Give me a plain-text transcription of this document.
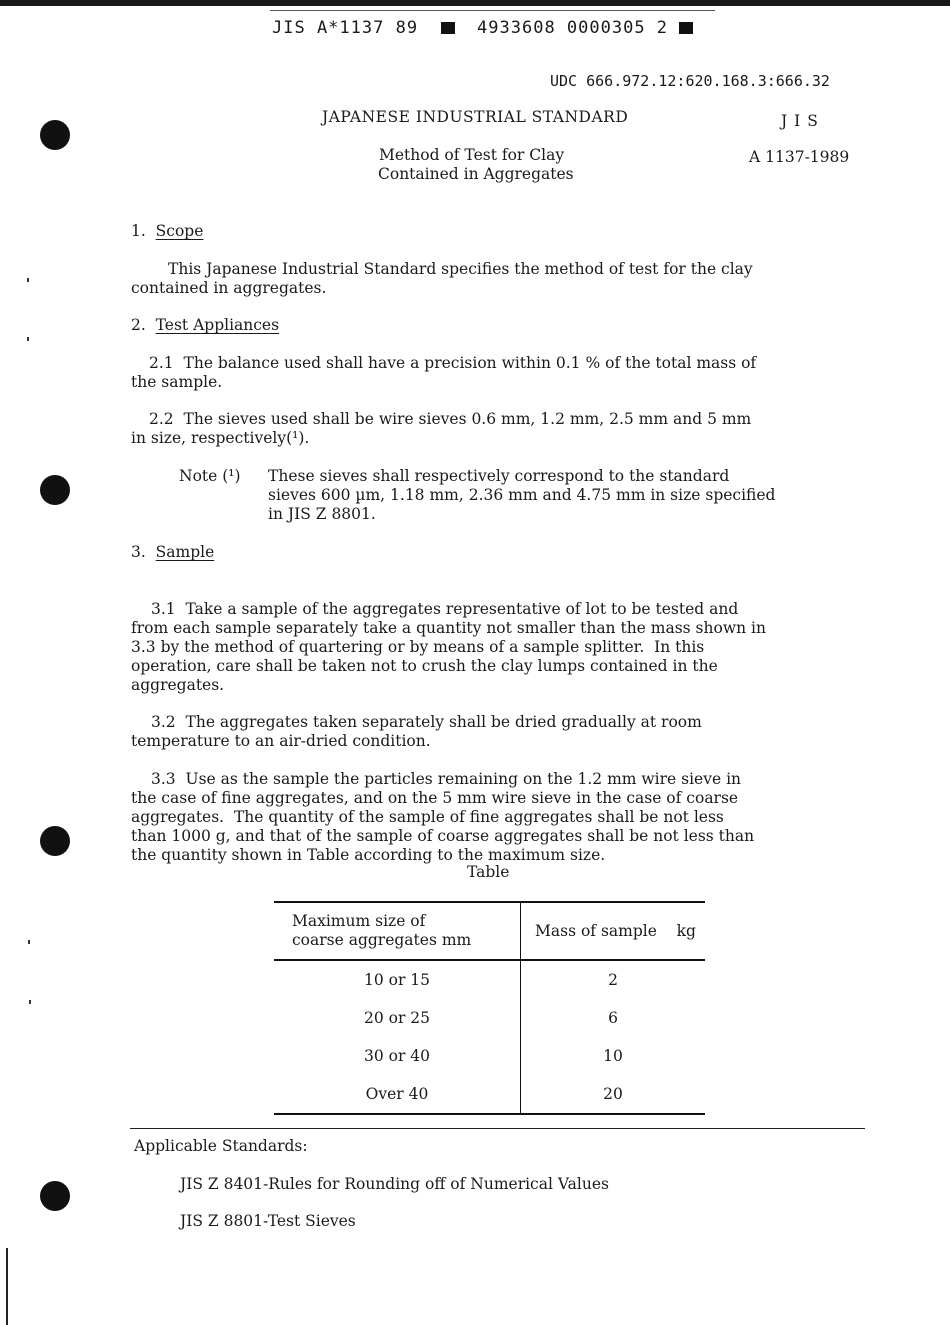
JIS A*1137 89	4933608 0000305 2
UDC 666.972.12:620.168.3:666.32
JAPANESE INDUSTRIAL STANDARD	J I S
Method of Test for Clay
Contained in Aggregates
A 1137-1989
1. Scope
This Japanese Industrial Standard specifies the method of test for the clay
contained in aggregates.
2. Test Appliances
2.1  The balance used shall have a precision within 0.1 % of the total mass of
the sample.
2.2  The sieves used shall be wire sieves 0.6 mm, 1.2 mm, 2.5 mm and 5 mm
in size, respectively(¹).
Note (¹) These sieves shall respectively correspond to the standard
sieves 600 µm, 1.18 mm, 2.36 mm and 4.75 mm in size specified
in JIS Z 8801.
3. Sample

3.1  Take a sample of the aggregates representative of lot to be tested and
from each sample separately take a quantity not smaller than the mass shown in
3.3 by the method of quartering or by means of a sample splitter.  In this
operation, care shall be taken not to crush the clay lumps contained in the
aggregates.

3.2  The aggregates taken separately shall be dried gradually at room
temperature to an air-dried condition.

3.3  Use as the sample the particles remaining on the 1.2 mm wire sieve in
the case of fine aggregates, and on the 5 mm wire sieve in the case of coarse
aggregates.  The quantity of the sample of fine aggregates shall be not less
than 1000 g, and that of the sample of coarse aggregates shall be not less than
the quantity shown in Table according to the maximum size.

Table
Maximum size of
coarse aggregates mm	Mass of sample    kg
10 or 15	2
20 or 25	6
30 or 40	10
Over 40	20
Applicable Standards:
JIS Z 8401-Rules for Rounding off of Numerical Values
JIS Z 8801-Test Sieves
